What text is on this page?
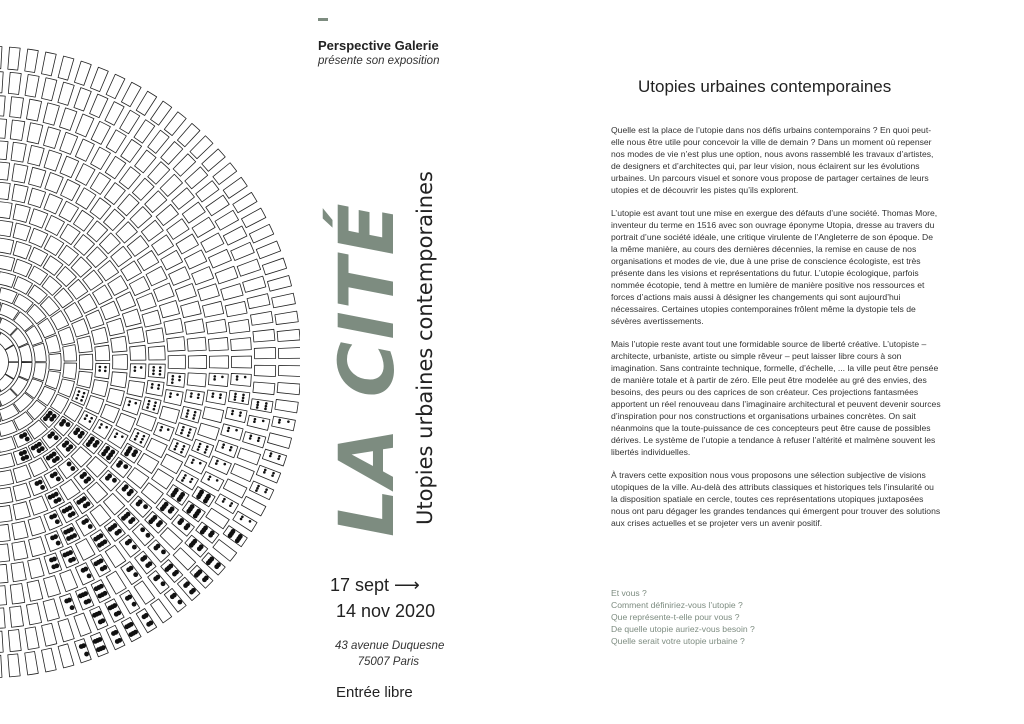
Perspective Galerie
présente son exposition
LA CITÉ Utopies urbaines contemporaines
17 sept ⟶
14 nov 2020
43 avenue Duquesne
75007 Paris
Entrée libre
Utopies urbaines contemporaines

Quelle est la place de l’utopie dans nos défis urbains contemporains ? En quoi peut-elle nous être utile pour concevoir la ville de demain ? Dans un moment où repenser nos modes de vie n’est plus une option, nous avons rassemblé les travaux d’artistes, de designers et d’architectes qui, par leur vision, nous éclairent sur les évolutions urbaines. Un parcours visuel et sonore vous propose de partager certaines de leurs utopies et de découvrir les pistes qu’ils explorent.

L’utopie est avant tout une mise en exergue des défauts d’une société. Thomas More, inventeur du terme en 1516 avec son ouvrage éponyme Utopia, dresse au travers du portrait d’une société idéale, une critique virulente de l’Angleterre de son époque. De la même manière, au cours des dernières décennies, la remise en cause de nos organisations et modes de vie, due à une prise de conscience écologiste, est très présente dans les visions et représentations du futur. L’utopie écologique, parfois nommée écotopie, tend à mettre en lumière de manière positive nos ressources et forces d’actions mais aussi à désigner les changements qui sont aujourd’hui nécessaires. Certaines utopies contemporaines frôlent même la dystopie tels de sévères avertissements.

Mais l’utopie reste avant tout une formidable source de liberté créative. L’utopiste – architecte, urbaniste, artiste ou simple rêveur – peut laisser libre cours à son imagination. Sans contrainte technique, formelle, d’échelle, ... la ville peut être pensée de manière totale et à partir de zéro. Elle peut être modelée au gré des envies, des besoins, des peurs ou des caprices de son créateur. Ces projections fantasmées apportent un réel renouveau dans l’imaginaire architectural et peuvent devenir sources d’inspiration pour nos constructions et organisations urbaines concrètes. On sait néanmoins que la toute-puissance de ces concepteurs peut être cause de possibles dérives. Le système de l’utopie a tendance à refuser l’altérité et malmène souvent les libertés individuelles.

À travers cette exposition nous vous proposons une sélection subjective de visions utopiques de la ville. Au-delà des attributs classiques et historiques tels l’insularité ou la disposition spatiale en cercle, toutes ces représentations utopiques juxtaposées nous ont paru dégager les grandes tendances qui émergent pour trouver des solutions aux crises actuelles et se projeter vers un avenir positif.

Et vous ?
Comment définiriez-vous l’utopie ?
Que représente-t-elle pour vous ?
De quelle utopie auriez-vous besoin ?
Quelle serait votre utopie urbaine ?
